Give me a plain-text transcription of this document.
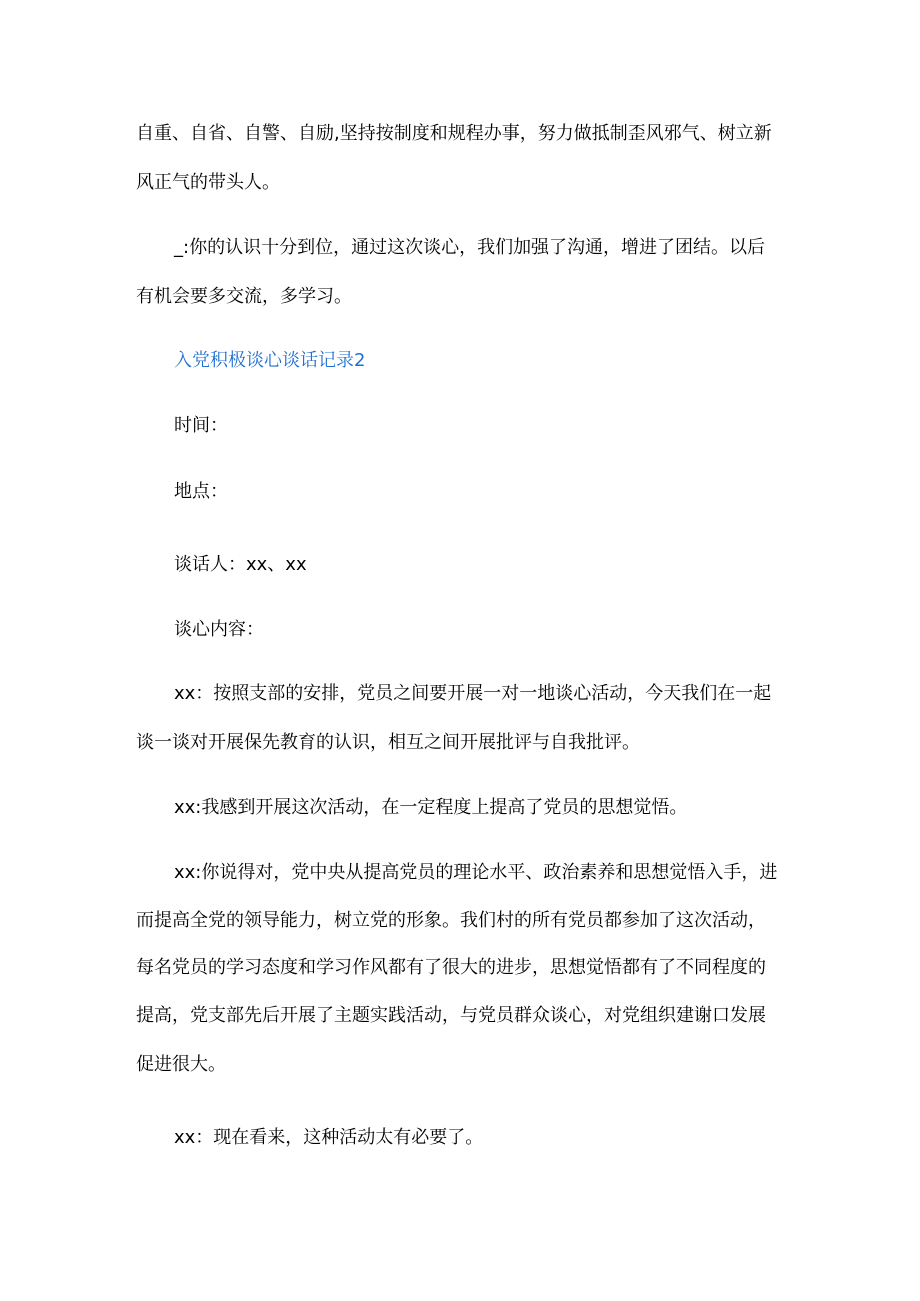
自重、自省、自警、自励,坚持按制度和规程办事，努力做抵制歪风邪气、树立新
风正气的带头人。
_:你的认识十分到位，通过这次谈心，我们加强了沟通，增进了团结。以后
有机会要多交流，多学习。
入党积极谈心谈话记录2
时间：
地点：
谈话人：xx、xx
谈心内容：
xx：按照支部的安排，党员之间要开展一对一地谈心活动，今天我们在一起
谈一谈对开展保先教育的认识，相互之间开展批评与自我批评。
xx:我感到开展这次活动，在一定程度上提高了党员的思想觉悟。
xx:你说得对，党中央从提高党员的理论水平、政治素养和思想觉悟入手，进
而提高全党的领导能力，树立党的形象。我们村的所有党员都参加了这次活动，
每名党员的学习态度和学习作风都有了很大的进步，思想觉悟都有了不同程度的
提高，党支部先后开展了主题实践活动，与党员群众谈心，对党组织建谢口发展
促进很大。
xx：现在看来，这种活动太有必要了。
